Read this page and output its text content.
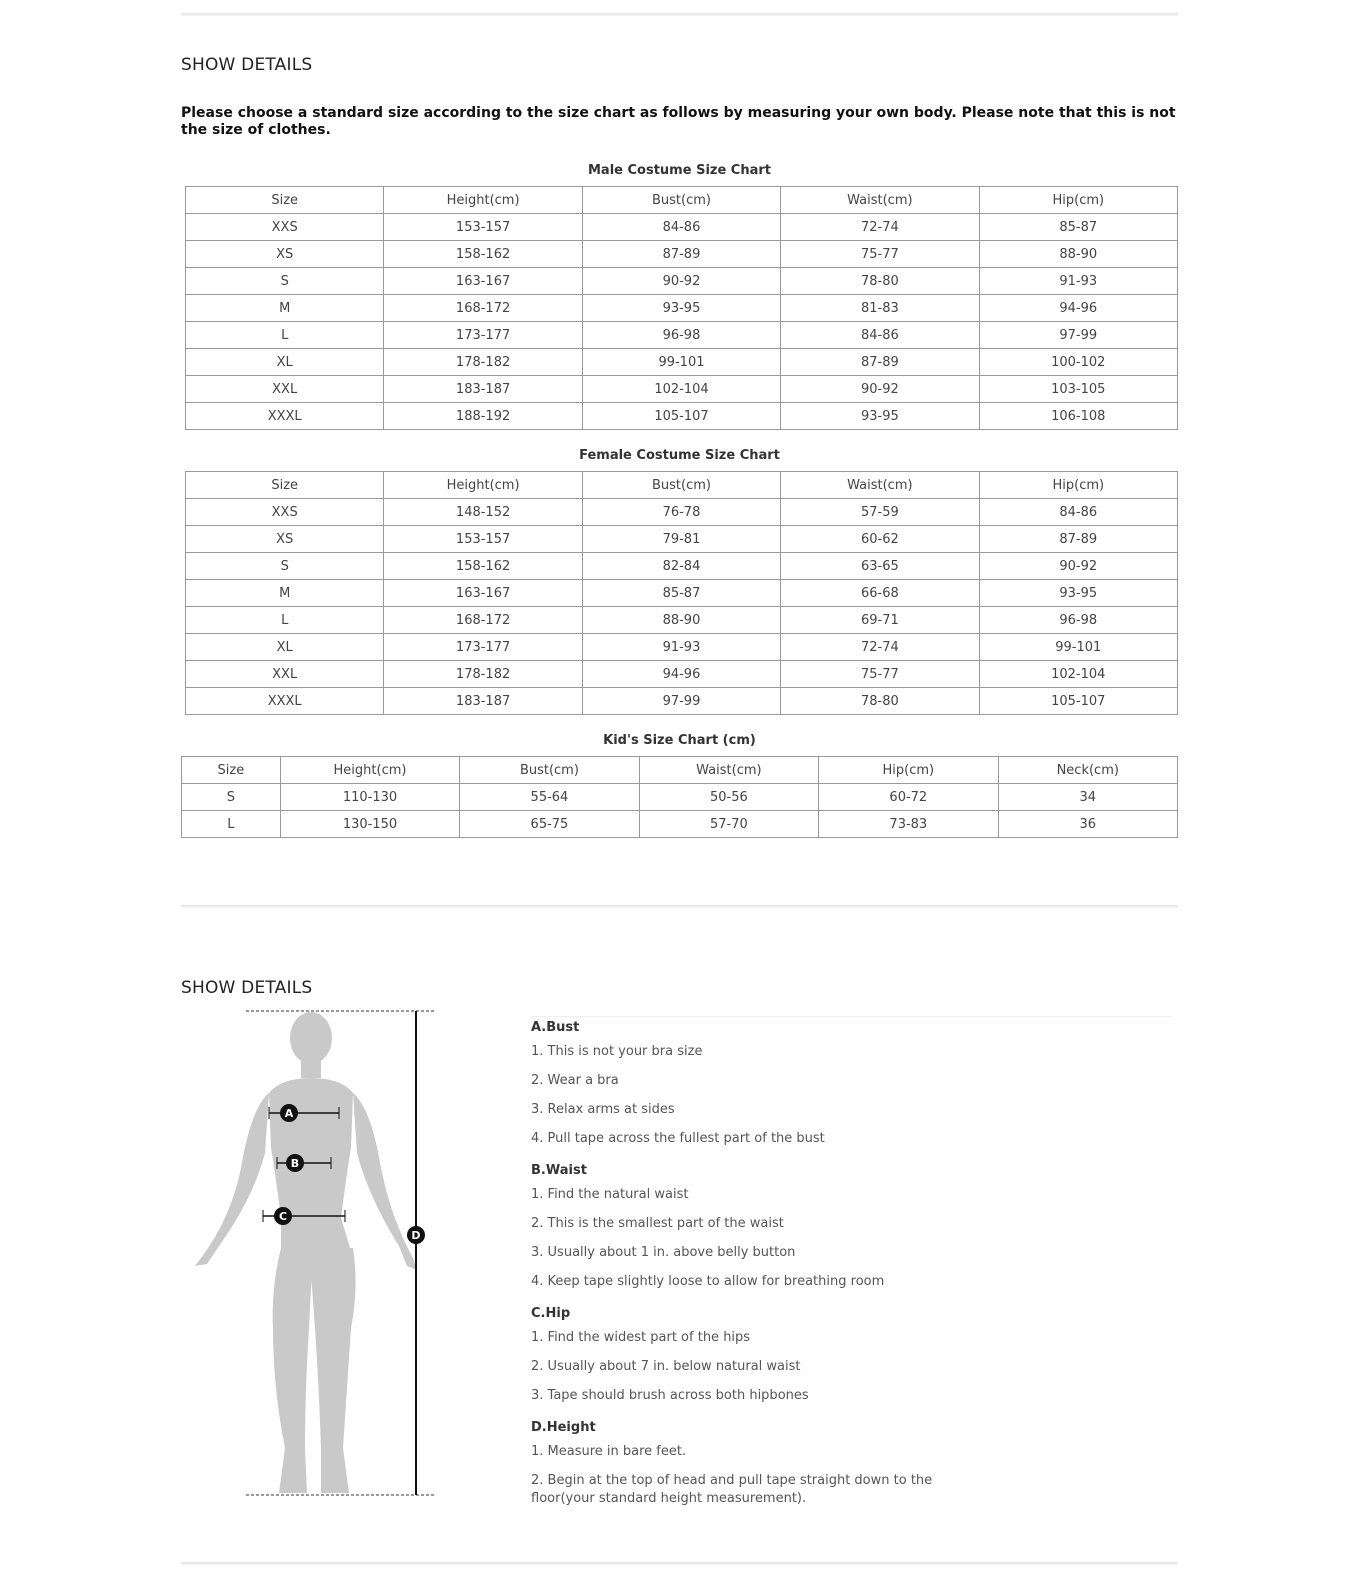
SHOW DETAILS
Please choose a standard size according to the size chart as follows by measuring your own body. Please note that this is not the size of clothes.
Male Costume Size Chart
Size	Height(cm)	Bust(cm)	Waist(cm)	Hip(cm)
XXS	153-157	84-86	72-74	85-87
XS	158-162	87-89	75-77	88-90
S	163-167	90-92	78-80	91-93
M	168-172	93-95	81-83	94-96
L	173-177	96-98	84-86	97-99
XL	178-182	99-101	87-89	100-102
XXL	183-187	102-104	90-92	103-105
XXXL	188-192	105-107	93-95	106-108
Female Costume Size Chart
Size	Height(cm)	Bust(cm)	Waist(cm)	Hip(cm)
XXS	148-152	76-78	57-59	84-86
XS	153-157	79-81	60-62	87-89
S	158-162	82-84	63-65	90-92
M	163-167	85-87	66-68	93-95
L	168-172	88-90	69-71	96-98
XL	173-177	91-93	72-74	99-101
XXL	178-182	94-96	75-77	102-104
XXXL	183-187	97-99	78-80	105-107
Kid's Size Chart (cm)
Size	Height(cm)	Bust(cm)	Waist(cm)	Hip(cm)	Neck(cm)
S	110-130	55-64	50-56	60-72	34
L	130-150	65-75	57-70	73-83	36
SHOW DETAILS
A
B
C
D
A.Bust
1. This is not your bra size
2. Wear a bra
3. Relax arms at sides
4. Pull tape across the fullest part of the bust
B.Waist
1. Find the natural waist
2. This is the smallest part of the waist
3. Usually about 1 in. above belly button
4. Keep tape slightly loose to allow for breathing room
C.Hip
1. Find the widest part of the hips
2. Usually about 7 in. below natural waist
3. Tape should brush across both hipbones
D.Height
1. Measure in bare feet.
2. Begin at the top of head and pull tape straight down to the floor(your standard height measurement).
